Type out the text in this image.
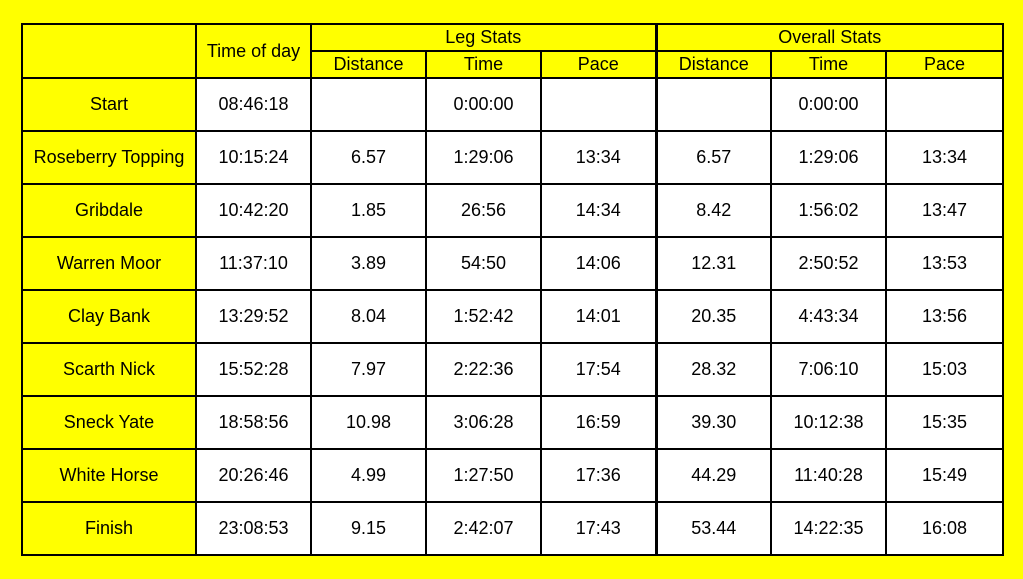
	Time of day	Leg Stats			Overall Stats		
		Distance	Time	Pace	Distance	Time	Pace
Start	08:46:18		0:00:00			0:00:00	
Roseberry Topping	10:15:24	6.57	1:29:06	13:34	6.57	1:29:06	13:34
Gribdale	10:42:20	1.85	26:56	14:34	8.42	1:56:02	13:47
Warren Moor	11:37:10	3.89	54:50	14:06	12.31	2:50:52	13:53
Clay Bank	13:29:52	8.04	1:52:42	14:01	20.35	4:43:34	13:56
Scarth Nick	15:52:28	7.97	2:22:36	17:54	28.32	7:06:10	15:03
Sneck Yate	18:58:56	10.98	3:06:28	16:59	39.30	10:12:38	15:35
White Horse	20:26:46	4.99	1:27:50	17:36	44.29	11:40:28	15:49
Finish	23:08:53	9.15	2:42:07	17:43	53.44	14:22:35	16:08
